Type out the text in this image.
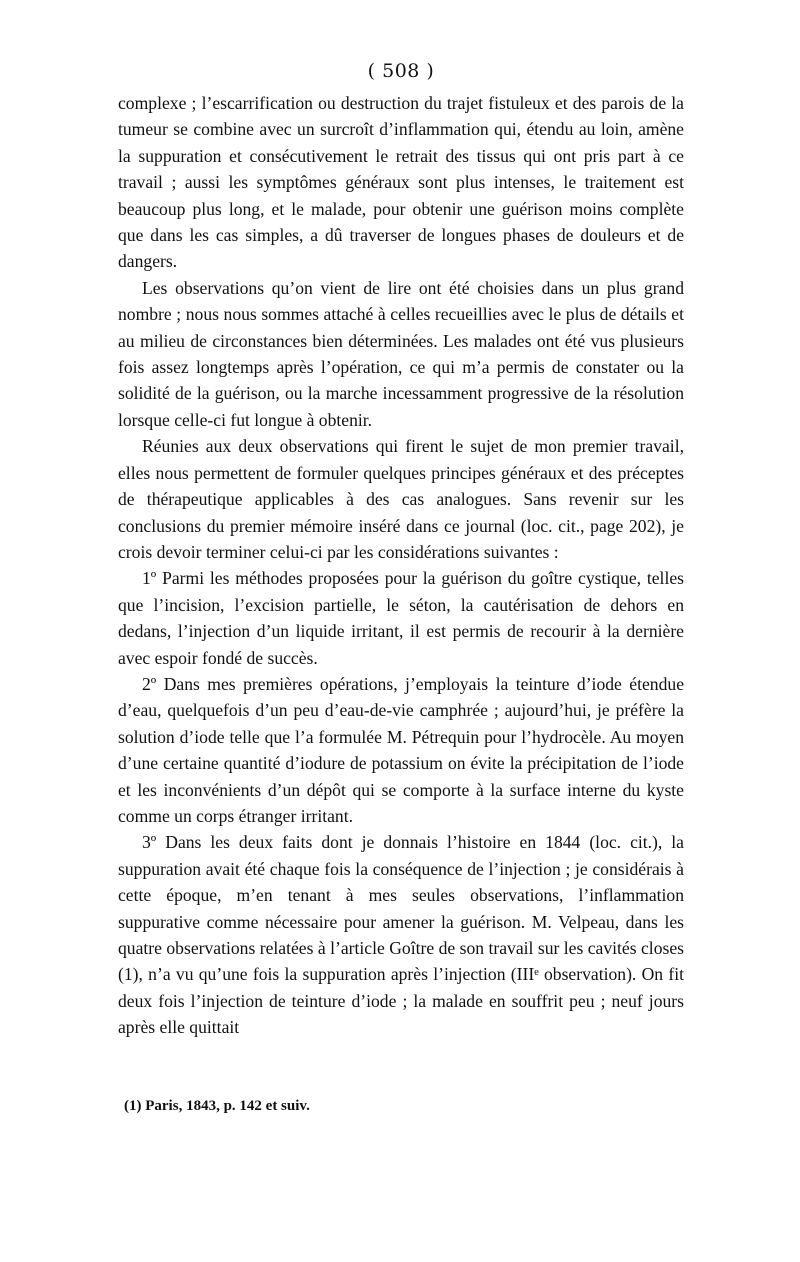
( 508 )

complexe ; l’escarrification ou destruction du trajet fistuleux et des parois de la tumeur se combine avec un surcroît d’inflammation qui, étendu au loin, amène la suppuration et consécutivement le retrait des tissus qui ont pris part à ce travail ; aussi les symptômes généraux sont plus intenses, le traitement est beaucoup plus long, et le malade, pour obtenir une guérison moins complète que dans les cas simples, a dû traverser de longues phases de douleurs et de dangers.

Les observations qu’on vient de lire ont été choisies dans un plus grand nombre ; nous nous sommes attaché à celles recueillies avec le plus de détails et au milieu de circonstances bien déterminées. Les malades ont été vus plusieurs fois assez longtemps après l’opération, ce qui m’a permis de constater ou la solidité de la guérison, ou la marche incessamment progressive de la résolution lorsque celle-ci fut longue à obtenir.

Réunies aux deux observations qui firent le sujet de mon premier travail, elles nous permettent de formuler quelques principes généraux et des préceptes de thérapeutique applicables à des cas analogues. Sans revenir sur les conclusions du premier mémoire inséré dans ce journal (loc. cit., page 202), je crois devoir terminer celui-ci par les considérations suivantes :

1º Parmi les méthodes proposées pour la guérison du goître cystique, telles que l’incision, l’excision partielle, le séton, la cautérisation de dehors en dedans, l’injection d’un liquide irritant, il est permis de recourir à la dernière avec espoir fondé de succès.

2º Dans mes premières opérations, j’employais la teinture d’iode étendue d’eau, quelquefois d’un peu d’eau-de-vie camphrée ; aujourd’hui, je préfère la solution d’iode telle que l’a formulée M. Pétrequin pour l’hydrocèle. Au moyen d’une certaine quantité d’iodure de potassium on évite la précipitation de l’iode et les inconvénients d’un dépôt qui se comporte à la surface interne du kyste comme un corps étranger irritant.

3º Dans les deux faits dont je donnais l’histoire en 1844 (loc. cit.), la suppuration avait été chaque fois la conséquence de l’injection ; je considérais à cette époque, m’en tenant à mes seules observations, l’inflammation suppurative comme nécessaire pour amener la guérison. M. Velpeau, dans les quatre observations relatées à l’article Goître de son travail sur les cavités closes (1), n’a vu qu’une fois la suppuration après l’injection (IIIᵉ observation). On fit deux fois l’injection de teinture d’iode ; la malade en souffrit peu ; neuf jours après elle quittait

(1) Paris, 1843, p. 142 et suiv.
